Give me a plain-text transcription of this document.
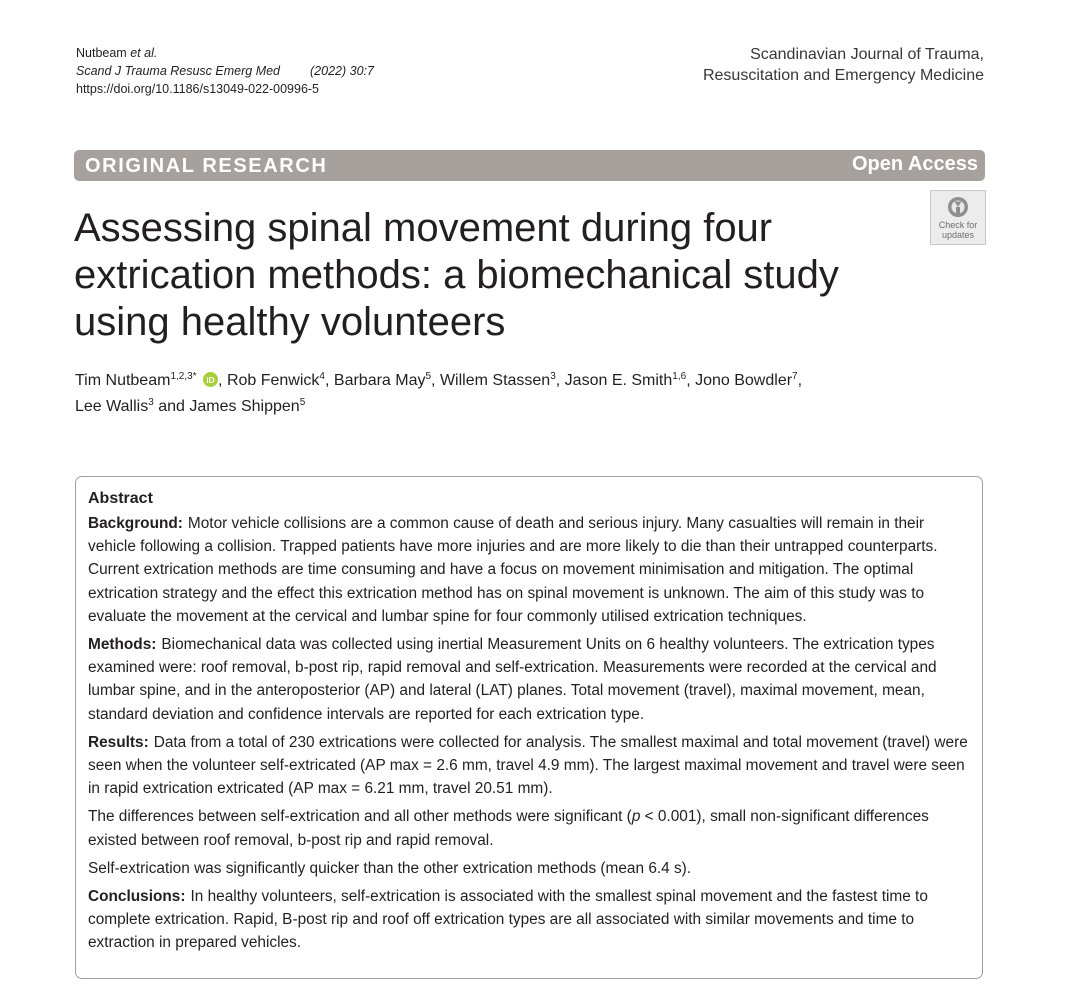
Nutbeam et al.
Scand J Trauma Resusc Emerg Med (2022) 30:7
https://doi.org/10.1186/s13049-022-00996-5
Scandinavian Journal of Trauma,
Resuscitation and Emergency Medicine
ORIGINAL RESEARCH	Open Access
Check for
updates
Assessing spinal movement during four
extrication methods: a biomechanical study
using healthy volunteers
Tim Nutbeam$^{1,2,3*}$ iD , Rob Fenwick$^4$, Barbara May$^5$, Willem Stassen$^3$, Jason E. Smith$^{1,6}$, Jono Bowdler$^7$,
Lee Wallis$^3$ and James Shippen$^5$
Abstract

Background: Motor vehicle collisions are a common cause of death and serious injury. Many casualties will remain in their vehicle following a collision. Trapped patients have more injuries and are more likely to die than their untrapped counterparts. Current extrication methods are time consuming and have a focus on movement minimisation and mitigation. The optimal extrication strategy and the effect this extrication method has on spinal movement is unknown. The aim of this study was to evaluate the movement at the cervical and lumbar spine for four commonly utilised extrication techniques.

Methods: Biomechanical data was collected using inertial Measurement Units on 6 healthy volunteers. The extrication types examined were: roof removal, b-post rip, rapid removal and self-extrication. Measurements were recorded at the cervical and lumbar spine, and in the anteroposterior (AP) and lateral (LAT) planes. Total movement (travel), maximal movement, mean, standard deviation and confidence intervals are reported for each extrication type.

Results: Data from a total of 230 extrications were collected for analysis. The smallest maximal and total movement (travel) were seen when the volunteer self-extricated (AP max = 2.6 mm, travel 4.9 mm). The largest maximal movement and travel were seen in rapid extrication extricated (AP max = 6.21 mm, travel 20.51 mm).

The differences between self-extrication and all other methods were significant (p < 0.001), small non-significant differences existed between roof removal, b-post rip and rapid removal.

Self-extrication was significantly quicker than the other extrication methods (mean 6.4 s).

Conclusions: In healthy volunteers, self-extrication is associated with the smallest spinal movement and the fastest time to complete extrication. Rapid, B-post rip and roof off extrication types are all associated with similar movements and time to extraction in prepared vehicles.
